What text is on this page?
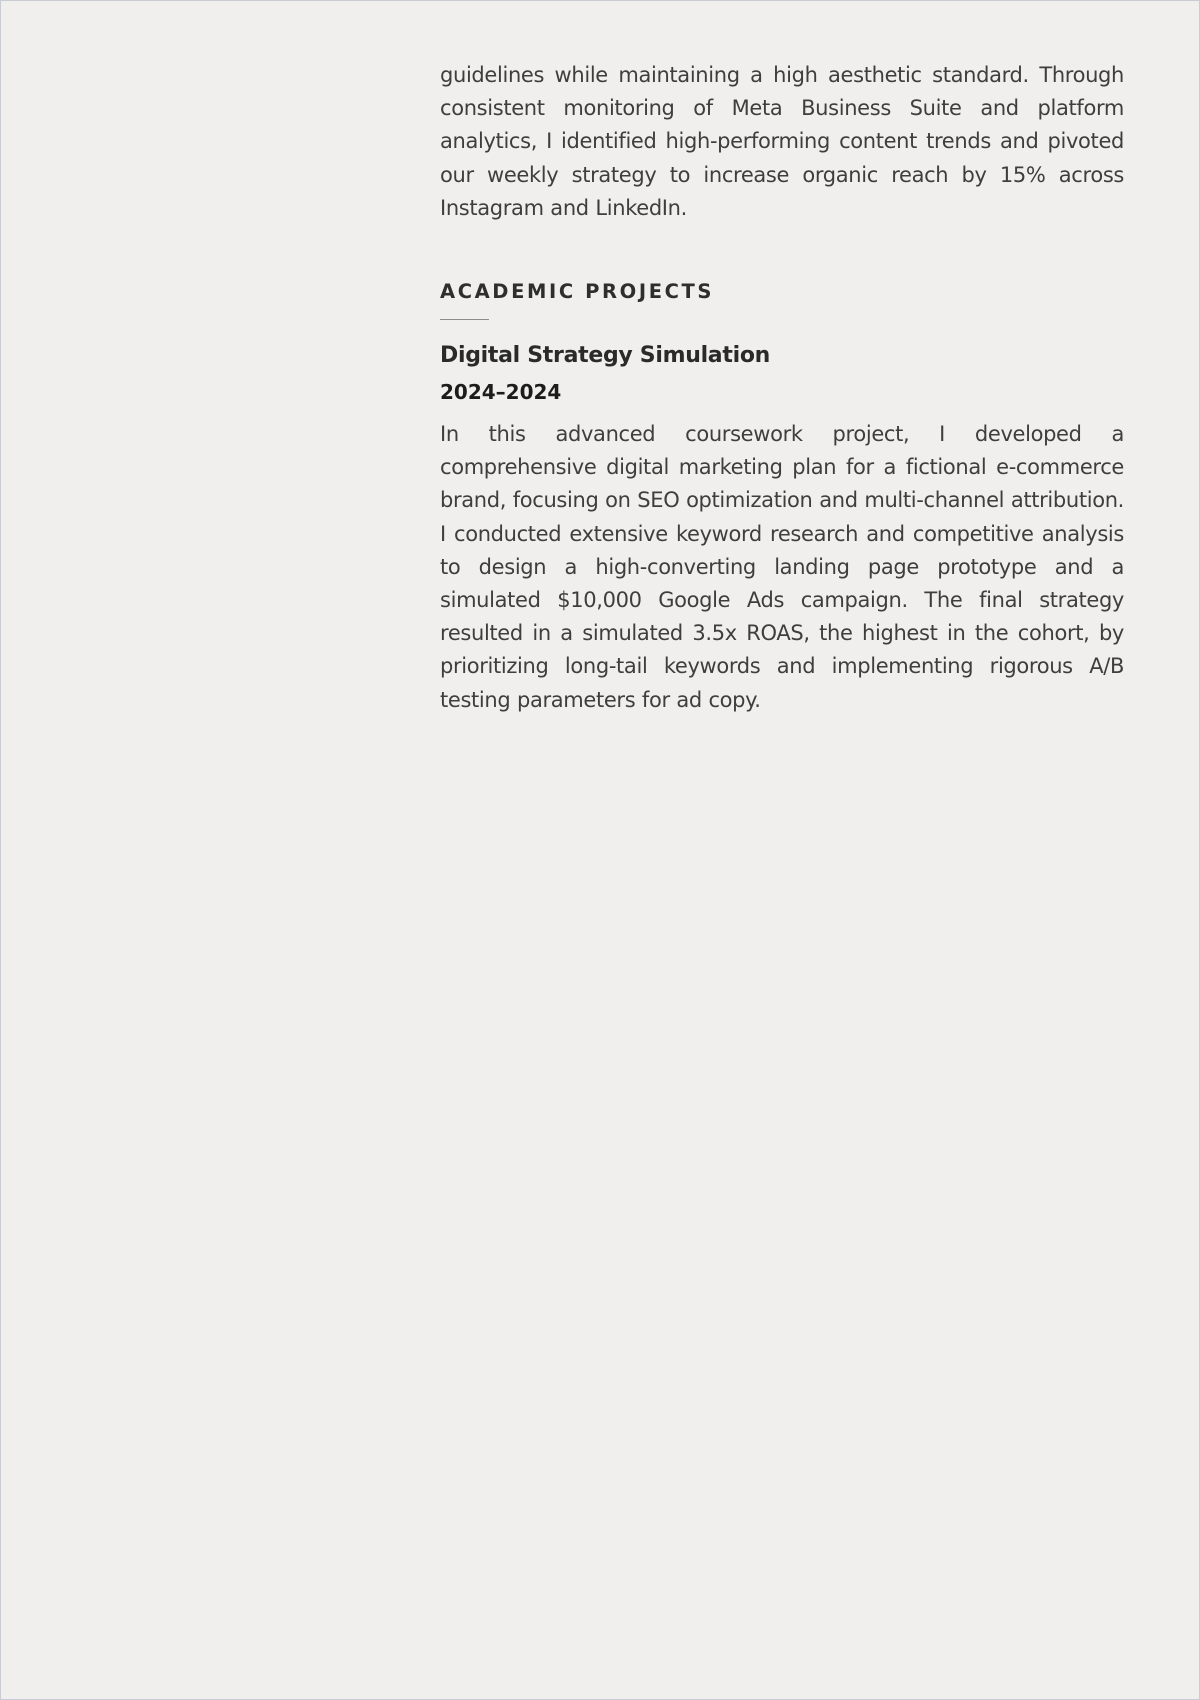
guidelines while maintaining a high aesthetic standard. Through consistent monitoring of Meta Business Suite and platform analytics, I identified high-performing content trends and pivoted our weekly strategy to increase organic reach by 15% across Instagram and LinkedIn.

ACADEMIC PROJECTS
Digital Strategy Simulation
2024–2024

In this advanced coursework project, I developed a comprehensive digital marketing plan for a fictional e-commerce brand, focusing on SEO optimization and multi-channel attribution. I conducted extensive keyword research and competitive analysis to design a high-converting landing page prototype and a simulated $10,000 Google Ads campaign. The final strategy resulted in a simulated 3.5x ROAS, the highest in the cohort, by prioritizing long-tail keywords and implementing rigorous A/B testing parameters for ad copy.
